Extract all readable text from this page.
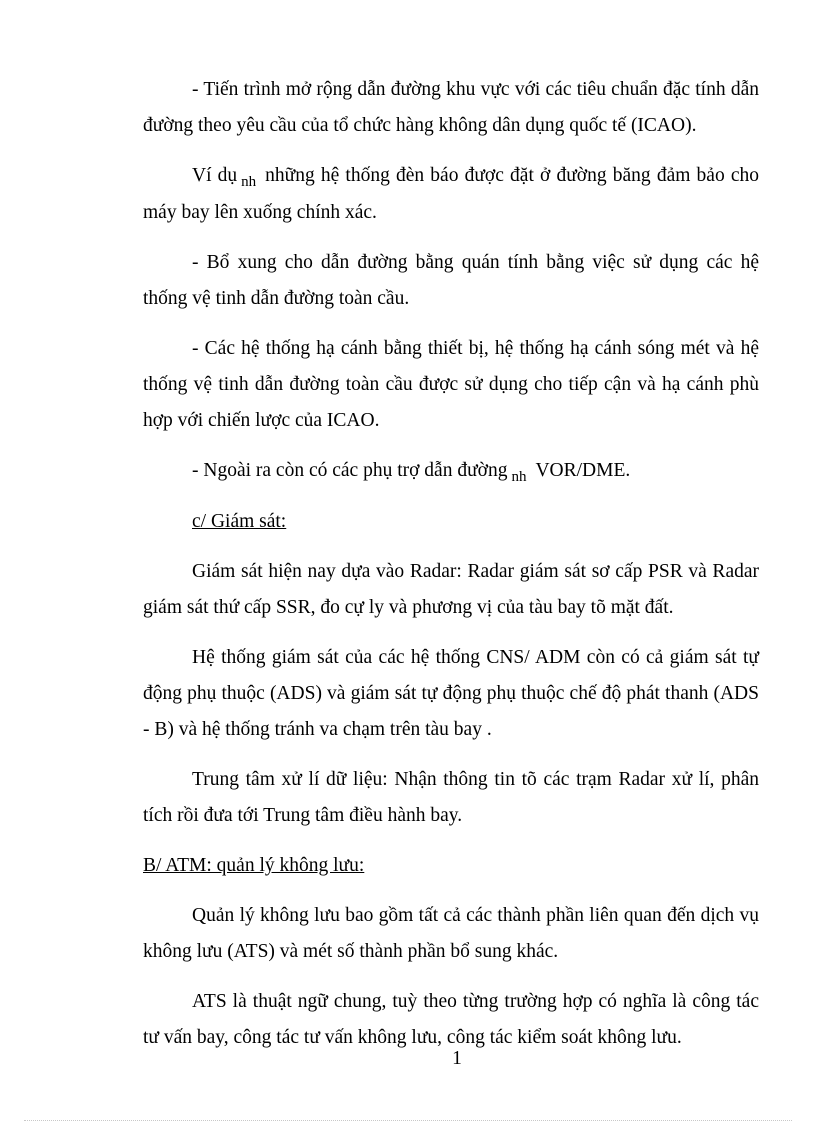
- Tiến trình mở rộng dẫn đường khu vực với các tiêu chuẩn đặc tính dẫn đường theo yêu cầu của tổ chức hàng không dân dụng quốc tế (ICAO).

Ví dụ $_{nh}$ những hệ thống đèn báo được đặt ở đường băng đảm bảo cho máy bay lên xuống chính xác.

- Bổ xung cho dẫn đường bằng quán tính bằng việc sử dụng các hệ thống vệ tinh dẫn đường toàn cầu.

- Các hệ thống hạ cánh bằng thiết bị, hệ thống hạ cánh sóng mét và hệ thống vệ tinh dẫn đường toàn cầu được sử dụng cho tiếp cận và hạ cánh phù hợp với chiến lược của ICAO.

- Ngoài ra còn có các phụ trợ dẫn đường $_{nh}$ VOR/DME.

c/ Giám sát:

Giám sát hiện nay dựa vào Radar: Radar giám sát sơ cấp PSR và Radar giám sát thứ cấp SSR, đo cự ly và phương vị của tàu bay tõ mặt đất.

Hệ thống giám sát của các hệ thống CNS/ ADM còn có cả giám sát tự động phụ thuộc (ADS) và giám sát tự động phụ thuộc chế độ phát thanh (ADS - B) và hệ thống tránh va chạm trên tàu bay .

Trung tâm xử lí dữ liệu: Nhận thông tin tõ các trạm Radar xử lí, phân tích rồi đưa tới Trung tâm điều hành bay.

B/ ATM: quản lý không lưu:

Quản lý không lưu bao gồm tất cả các thành phần liên quan đến dịch vụ không lưu (ATS) và mét số thành phần bổ sung khác.

ATS là thuật ngữ chung, tuỳ theo từng trường hợp có nghĩa là công tác tư vấn bay, công tác tư vấn không lưu, công tác kiểm soát không lưu.

1
